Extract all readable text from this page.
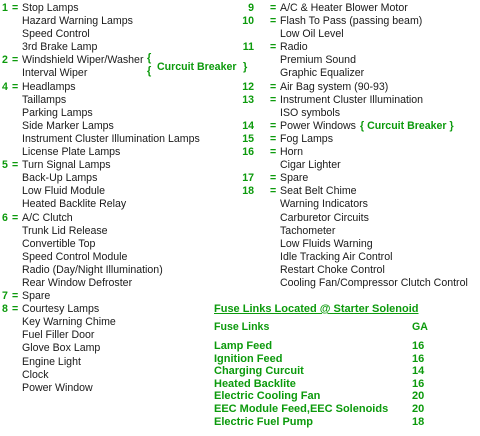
1 = Stop Lamps
Hazard Warning Lamps
Speed Control
3rd Brake Lamp
2 = Windshield Wiper/Washer
Interval Wiper
4 = Headlamps
Taillamps
Parking Lamps
Side Marker Lamps
Instrument Cluster Illumination Lamps
License Plate Lamps
5 = Turn Signal Lamps
Back-Up Lamps
Low Fluid Module
Heated Backlite Relay
6 = A/C Clutch
Trunk Lid Release
Convertible Top
Speed Control Module
Radio (Day/Night Illumination)
Rear Window Defroster
7 = Spare
8 = Courtesy Lamps
Key Warning Chime
Fuel Filler Door
Glove Box Lamp
Engine Light
Clock
Power Window
9 = A/C & Heater Blower Motor
10 = Flash To Pass (passing beam)
Low Oil Level
11 = Radio
Premium Sound
Graphic Equalizer
12 = Air Bag system (90-93)
13 = Instrument Cluster Illumination
ISO symbols
14 = Power Windows { Curcuit Breaker }
15 = Fog Lamps
16 = Horn
Cigar Lighter
17 = Spare
18 = Seat Belt Chime
Warning Indicators
Carburetor Circuits
Tachometer
Low Fluids Warning
Idle Tracking Air Control
Restart Choke Control
Cooling Fan/Compressor Clutch Control
{
{ Curcuit Breaker }
Fuse Links Located @ Starter Solenoid
Fuse Links	GA
Lamp Feed	16
Ignition Feed	16
Charging Curcuit	14
Heated Backlite	16
Electric Cooling Fan	20
EEC Module Feed,EEC Solenoids 20
Electric Fuel Pump	18
